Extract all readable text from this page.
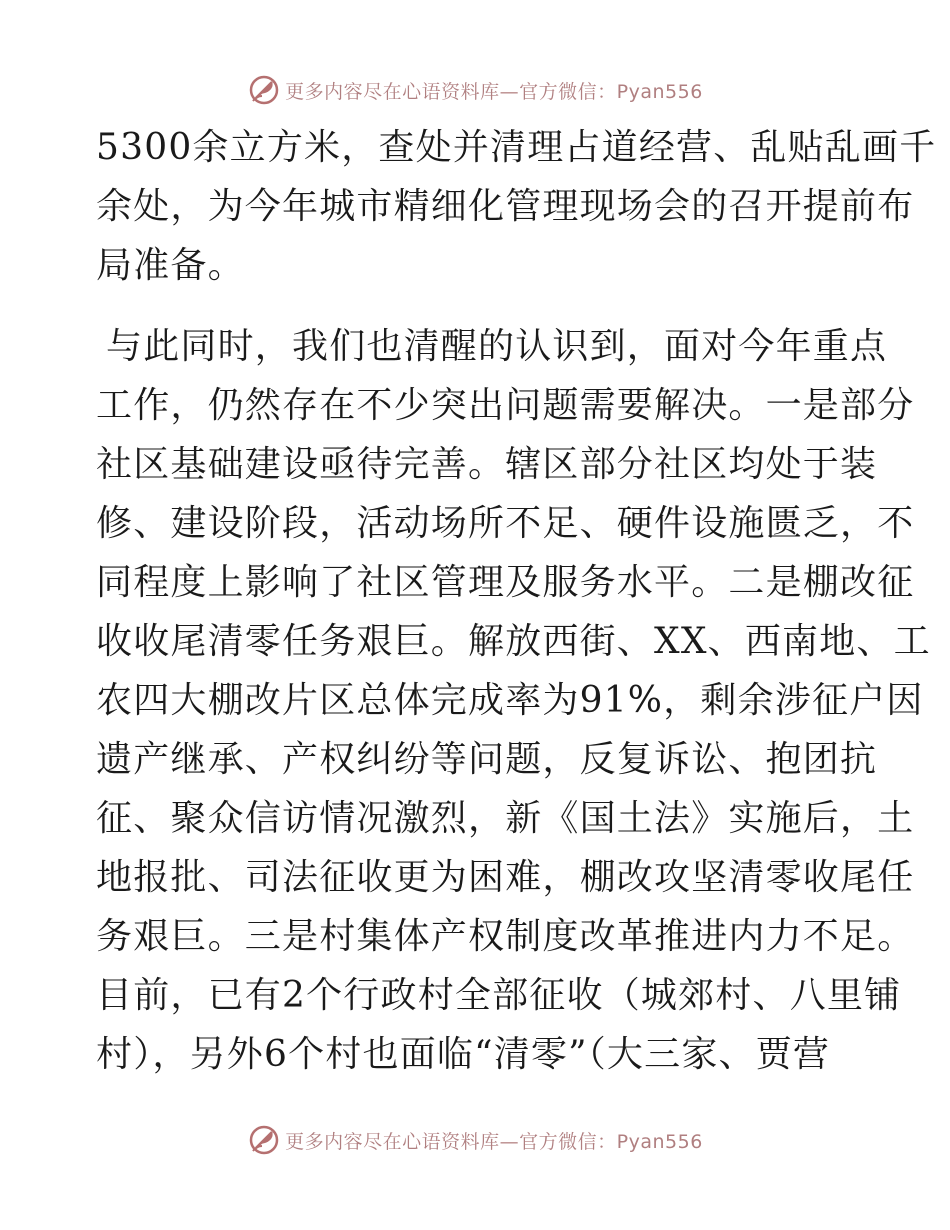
更多内容尽在心语资料库—官方微信：Pyan556
5300余立方米，查处并清理占道经营、乱贴乱画千
余处，为今年城市精细化管理现场会的召开提前布
局准备。
与此同时，我们也清醒的认识到，面对今年重点
工作，仍然存在不少突出问题需要解决。一是部分
社区基础建设亟待完善。辖区部分社区均处于装
修、建设阶段，活动场所不足、硬件设施匮乏，不
同程度上影响了社区管理及服务水平。二是棚改征
收收尾清零任务艰巨。解放西街、XX、西南地、工
农四大棚改片区总体完成率为91%，剩余涉征户因
遗产继承、产权纠纷等问题，反复诉讼、抱团抗
征、聚众信访情况激烈，新《国土法》实施后，土
地报批、司法征收更为困难，棚改攻坚清零收尾任
务艰巨。三是村集体产权制度改革推进内力不足。
目前，已有2个行政村全部征收（城郊村、八里铺
村），另外6个村也面临“清零”（大三家、贾营
更多内容尽在心语资料库—官方微信：Pyan556
